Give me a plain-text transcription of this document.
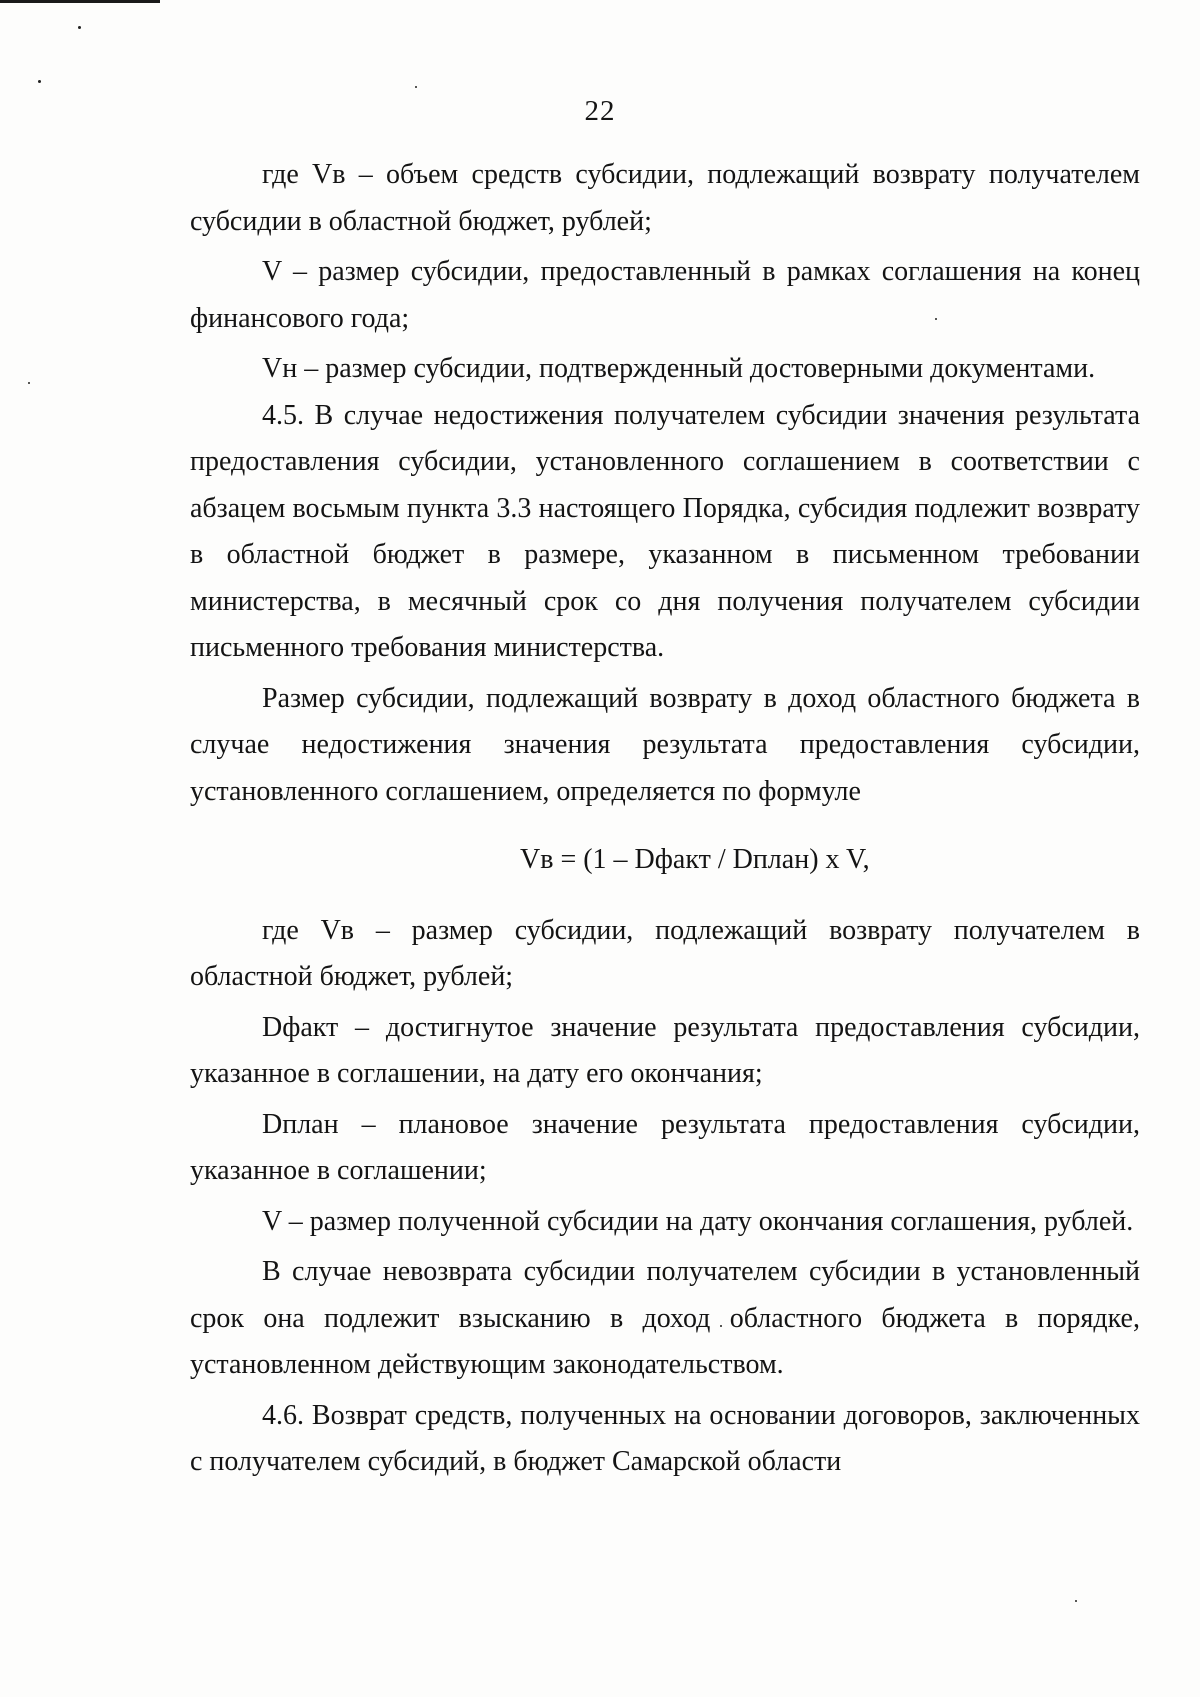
22

где Vв – объем средств субсидии, подлежащий возврату получателем субсидии в областной бюджет, рублей;

V – размер субсидии, предоставленный в рамках соглашения на конец финансового года;

Vн – размер субсидии, подтвержденный достоверными документами.

4.5. В случае недостижения получателем субсидии значения результата предоставления субсидии, установленного соглашением в соответствии с абзацем восьмым пункта 3.3 настоящего Порядка, субсидия подлежит возврату в областной бюджет в размере, указанном в письменном требовании министерства, в месячный срок со дня получения получателем субсидии письменного требования министерства.

Размер субсидии, подлежащий возврату в доход областного бюджета в случае недостижения значения результата предоставления субсидии, установленного соглашением, определяется по формуле

Vв = (1 – Dфакт / Dплан) x V,

где Vв – размер субсидии, подлежащий возврату получателем в областной бюджет, рублей;

Dфакт – достигнутое значение результата предоставления субсидии, указанное в соглашении, на дату его окончания;

Dплан – плановое значение результата предоставления субсидии, указанное в соглашении;

V – размер полученной субсидии на дату окончания соглашения, рублей.

В случае невозврата субсидии получателем субсидии в установленный срок она подлежит взысканию в доход областного бюджета в порядке, установленном действующим законодательством.

4.6. Возврат средств, полученных на основании договоров, заключенных с получателем субсидий, в бюджет Самарской области
